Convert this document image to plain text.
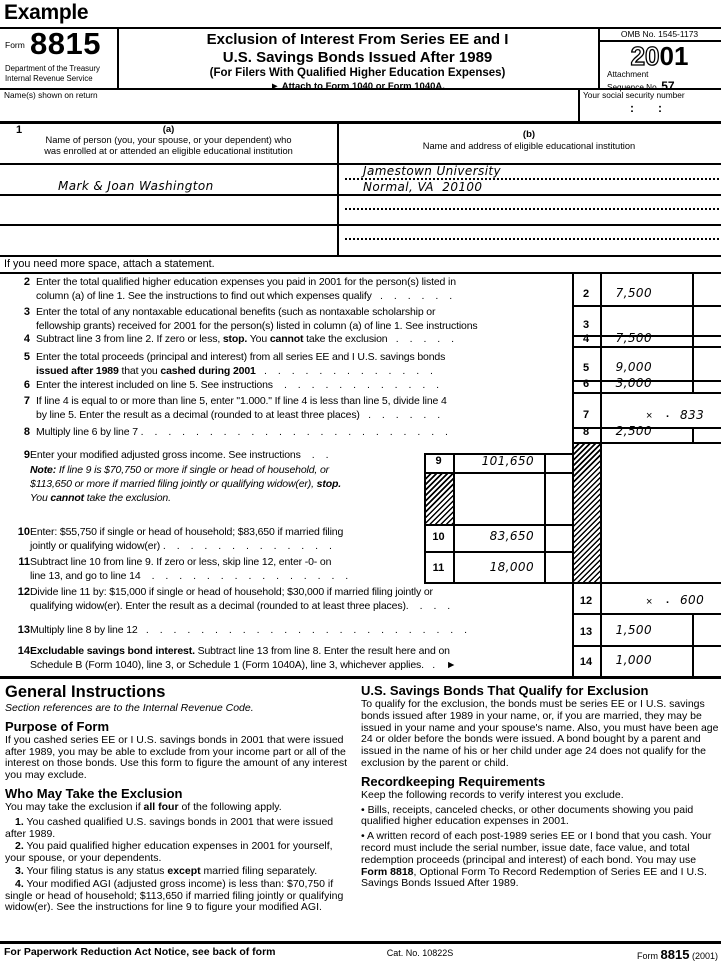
Example
Form 8815
Department of the Treasury
Internal Revenue Service
Exclusion of Interest From Series EE and I
U.S. Savings Bonds Issued After 1989
(For Filers With Qualified Higher Education Expenses)
► Attach to Form 1040 or Form 1040A.
OMB No. 1545-1173
2001
Attachment
Sequence No. 57
Name(s) shown on return	Your social security number
::
1	(a)
Name of person (you, your spouse, or your dependent) who
was enrolled at or attended an eligible educational institution
(b)
Name and address of eligible educational institution
Mark & Joan Washington
Jamestown University
Normal, VA  20100
If you need more space, attach a statement.
2 Enter the total qualified higher education expenses you paid in 2001 for the person(s) listed in
column (a) of line 1. See the instructions to find out which expenses qualify   .    .    .    .    .    .
3 Enter the total of any nontaxable educational benefits (such as nontaxable scholarship or
fellowship grants) received for 2001 for the person(s) listed in column (a) of line 1. See instructions
4 Subtract line 3 from line 2. If zero or less, stop. You cannot take the exclusion   .    .    .    .    .
5 Enter the total proceeds (principal and interest) from all series EE and I U.S. savings bonds
issued after 1989 that you cashed during 2001   .    .    .    .    .    .    .    .    .    .    .    .    .
6 Enter the interest included on line 5. See instructions    .    .    .    .    .    .    .    .    .    .    .    .
7 If line 4 is equal to or more than line 5, enter "1.000." If line 4 is less than line 5, divide line 4
by line 5. Enter the result as a decimal (rounded to at least three places)   .    .    .    .    .    .
8 Multiply line 6 by line 7 .    .    .    .    .    .    .    .    .    .    .    .    .    .    .    .    .    .    .    .    .    .    .
9 Enter your modified adjusted gross income. See instructions    .    .
Note: If line 9 is $70,750 or more if single or head of household, or
$113,650 or more if married filing jointly or qualifying widow(er), stop.
You cannot take the exclusion.
10 Enter: $55,750 if single or head of household; $83,650 if married filing
jointly or qualifying widow(er) .    .    .    .    .    .    .    .    .    .    .    .    .
11 Subtract line 10 from line 9. If zero or less, skip line 12, enter -0- on
line 13, and go to line 14    .    .    .    .    .    .    .    .    .    .    .    .    .    .    .
12 Divide line 11 by: $15,000 if single or head of household; $30,000 if married filing jointly or
qualifying widow(er). Enter the result as a decimal (rounded to at least three places).    .    .    .
13 Multiply line 8 by line 12   .    .    .    .    .    .    .    .    .    .    .    .    .    .    .    .    .    .    .    .    .    .    .    .
14 Excludable savings bond interest. Subtract line 13 from line 8. Enter the result here and on
Schedule B (Form 1040), line 3, or Schedule 1 (Form 1040A), line 3, whichever applies.   .    ►
2	7,500
3
4	7,500
5	9,000
6	3,000
7	× . 833
8	2,500
9	101,650
10	83,650
11	18,000
12	× . 600
13	1,500
14	1,000
General Instructions

Section references are to the Internal Revenue Code.

Purpose of Form

If you cashed series EE or I U.S. savings bonds in 2001 that were issued after 1989, you may be able to exclude from your income part or all of the interest on those bonds. Use this form to figure the amount of any interest you may exclude.

Who May Take the Exclusion

You may take the exclusion if all four of the following apply.

1. You cashed qualified U.S. savings bonds in 2001 that were issued after 1989.

2. You paid qualified higher education expenses in 2001 for yourself, your spouse, or your dependents.

3. Your filing status is any status except married filing separately.

4. Your modified AGI (adjusted gross income) is less than: $70,750 if single or head of household; $113,650 if married filing jointly or qualifying widow(er). See the instructions for line 9 to figure your modified AGI.

U.S. Savings Bonds That Qualify for Exclusion

To qualify for the exclusion, the bonds must be series EE or I U.S. savings bonds issued after 1989 in your name, or, if you are married, they may be issued in your name and your spouse's name. Also, you must have been age 24 or older before the bonds were issued. A bond bought by a parent and issued in the name of his or her child under age 24 does not qualify for the exclusion by the parent or child.

Recordkeeping Requirements

Keep the following records to verify interest you exclude.

• Bills, receipts, canceled checks, or other documents showing you paid qualified higher education expenses in 2001.

• A written record of each post-1989 series EE or I bond that you cash. Your record must include the serial number, issue date, face value, and total redemption proceeds (principal and interest) of each bond. You may use Form 8818, Optional Form To Record Redemption of Series EE and I U.S. Savings Bonds Issued After 1989.

For Paperwork Reduction Act Notice, see back of form	Cat. No. 10822S	Form 8815 (2001)
